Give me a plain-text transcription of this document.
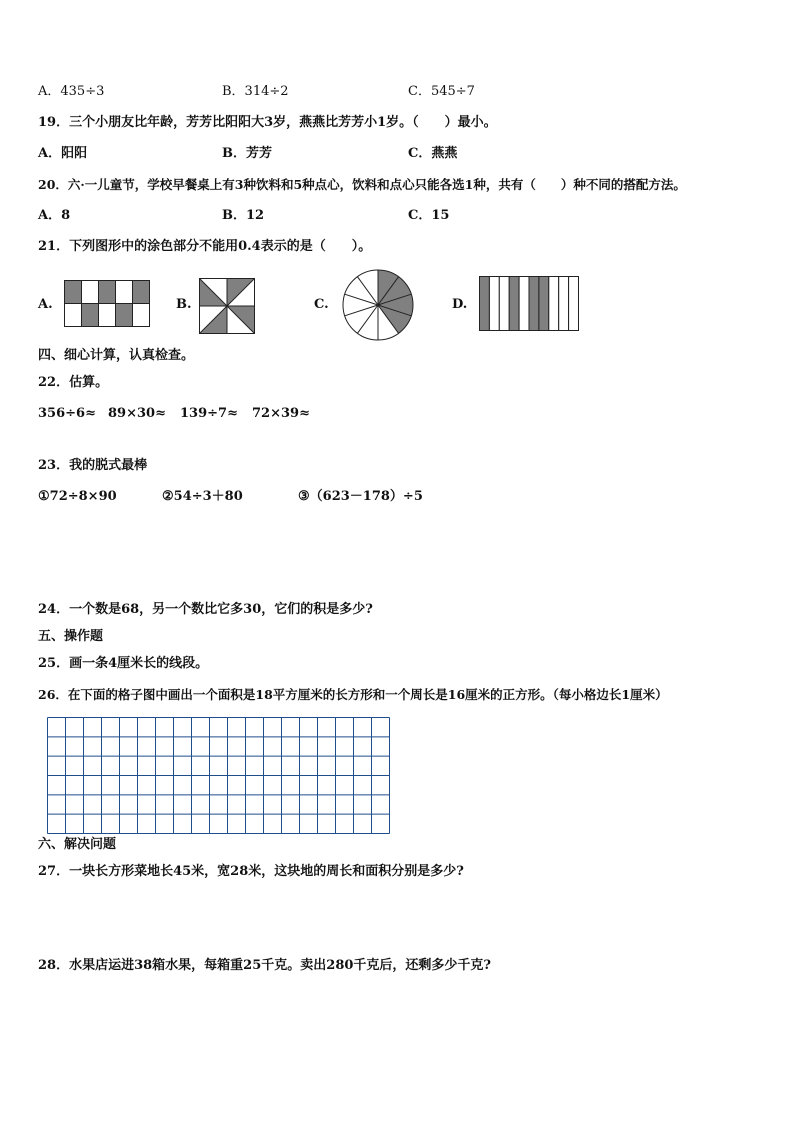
A．435÷3	B．314÷2	C．545÷7
19．三个小朋友比年龄，芳芳比阳阳大3岁，燕燕比芳芳小1岁。（　　）最小。
A．阳阳	B．芳芳	C．燕燕
20．六·一儿童节，学校早餐桌上有3种饮料和5种点心，饮料和点心只能各选1种，共有（　　）种不同的搭配方法。
A．8	B．12	C．15
21．下列图形中的涂色部分不能用0.4表示的是（　　）。
A.	B.	C.	D.
四、细心计算，认真检查。
22．估算。
356÷6≈ 89×30≈ 139÷7≈ 72×39≈
23．我的脱式最棒
①72÷8×90	②54÷3＋80	③（623－178）÷5
24．一个数是68，另一个数比它多30，它们的积是多少?
五、操作题
25．画一条4厘米长的线段。
26．在下面的格子图中画出一个面积是18平方厘米的长方形和一个周长是16厘米的正方形。（每小格边长1厘米）
六、解决问题
27．一块长方形菜地长45米，宽28米，这块地的周长和面积分别是多少?
28．水果店运进38箱水果，每箱重25千克。卖出280千克后，还剩多少千克?
